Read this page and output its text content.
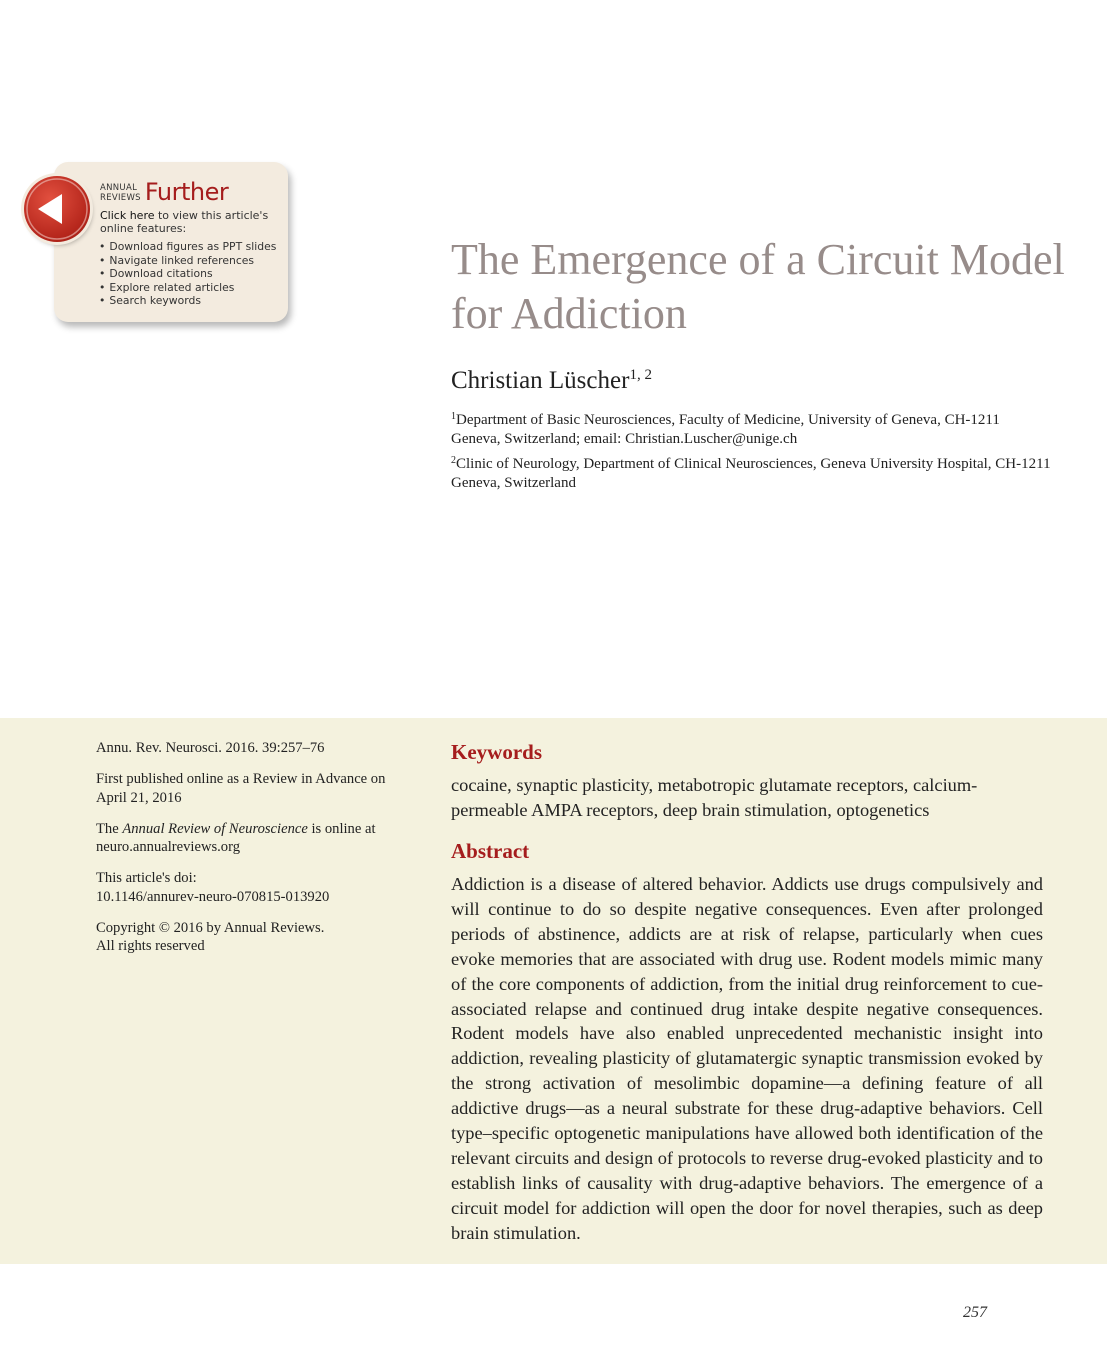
ANNUAL
REVIEWS Further
Click here to view this article's online features:
• Download figures as PPT slides
• Navigate linked references
• Download citations
• Explore related articles
• Search keywords
The Emergence of a Circuit Model for Addiction
Christian Lüscher$^{1, 2}$

$^1$Department of Basic Neurosciences, Faculty of Medicine, University of Geneva, CH-1211 Geneva, Switzerland; email: Christian.Luscher@unige.ch

$^2$Clinic of Neurology, Department of Clinical Neurosciences, Geneva University Hospital, CH-1211 Geneva, Switzerland

Annu. Rev. Neurosci. 2016. 39:257–76

First published online as a Review in Advance on April 21, 2016

The Annual Review of Neuroscience is online at neuro.annualreviews.org

This article's doi:
10.1146/annurev-neuro-070815-013920

Copyright © 2016 by Annual Reviews.
All rights reserved

Keywords

cocaine, synaptic plasticity, metabotropic glutamate receptors, calcium-permeable AMPA receptors, deep brain stimulation, optogenetics

Abstract

Addiction is a disease of altered behavior. Addicts use drugs compulsively and will continue to do so despite negative consequences. Even after prolonged periods of abstinence, addicts are at risk of relapse, particularly when cues evoke memories that are associated with drug use. Rodent models mimic many of the core components of addiction, from the initial drug reinforcement to cue-associated relapse and continued drug intake despite negative consequences. Rodent models have also enabled unprecedented mechanistic insight into addiction, revealing plasticity of glutamatergic synaptic transmission evoked by the strong activation of mesolimbic dopamine—a defining feature of all addictive drugs—as a neural substrate for these drug-adaptive behaviors. Cell type–specific optogenetic manipulations have allowed both identification of the relevant circuits and design of protocols to reverse drug-evoked plasticity and to establish links of causality with drug-adaptive behaviors. The emergence of a circuit model for addiction will open the door for novel therapies, such as deep brain stimulation.

257
